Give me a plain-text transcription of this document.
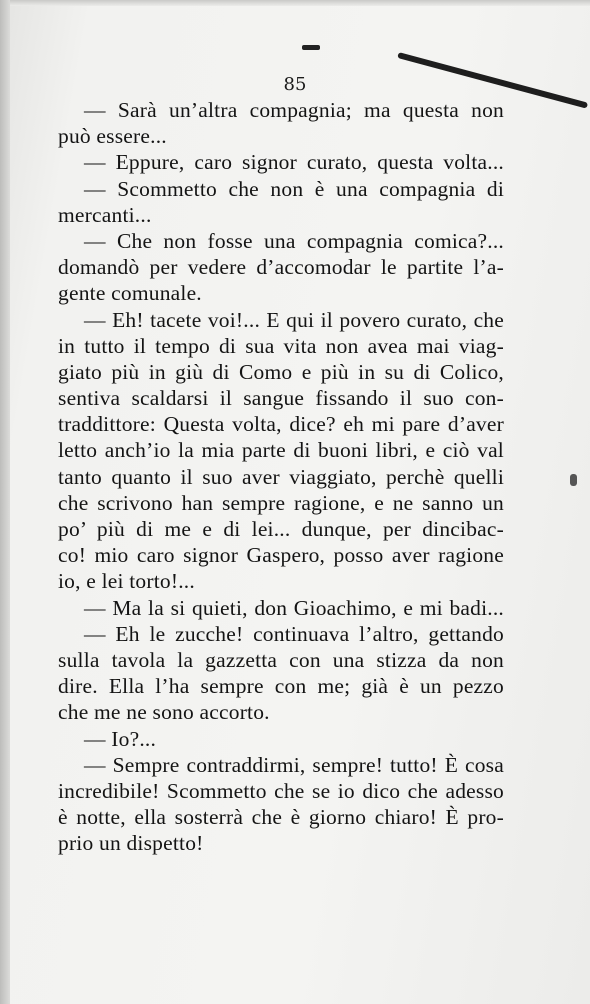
85

— Sarà un’altra compagnia; ma questa non
può essere...
— Eppure, caro signor curato, questa volta...
— Scommetto che non è una compagnia di
mercanti...
— Che non fosse una compagnia comica?...
domandò per vedere d’accomodar le partite l’a-
gente comunale.
— Eh! tacete voi!... E qui il povero curato, che
in tutto il tempo di sua vita non avea mai viag-
giato più in giù di Como e più in su di Colico,
sentiva scaldarsi il sangue fissando il suo con-
traddittore: Questa volta, dice? eh mi pare d’aver
letto anch’io la mia parte di buoni libri, e ciò val
tanto quanto il suo aver viaggiato, perchè quelli
che scrivono han sempre ragione, e ne sanno un
po’ più di me e di lei... dunque, per dincibac-
co! mio caro signor Gaspero, posso aver ragione
io, e lei torto!...
— Ma la si quieti, don Gioachimo, e mi badi...
— Eh le zucche! continuava l’altro, gettando
sulla tavola la gazzetta con una stizza da non
dire. Ella l’ha sempre con me; già è un pezzo
che me ne sono accorto.
— Io?...
— Sempre contraddirmi, sempre! tutto! È cosa
incredibile! Scommetto che se io dico che adesso
è notte, ella sosterrà che è giorno chiaro! È pro-
prio un dispetto!
